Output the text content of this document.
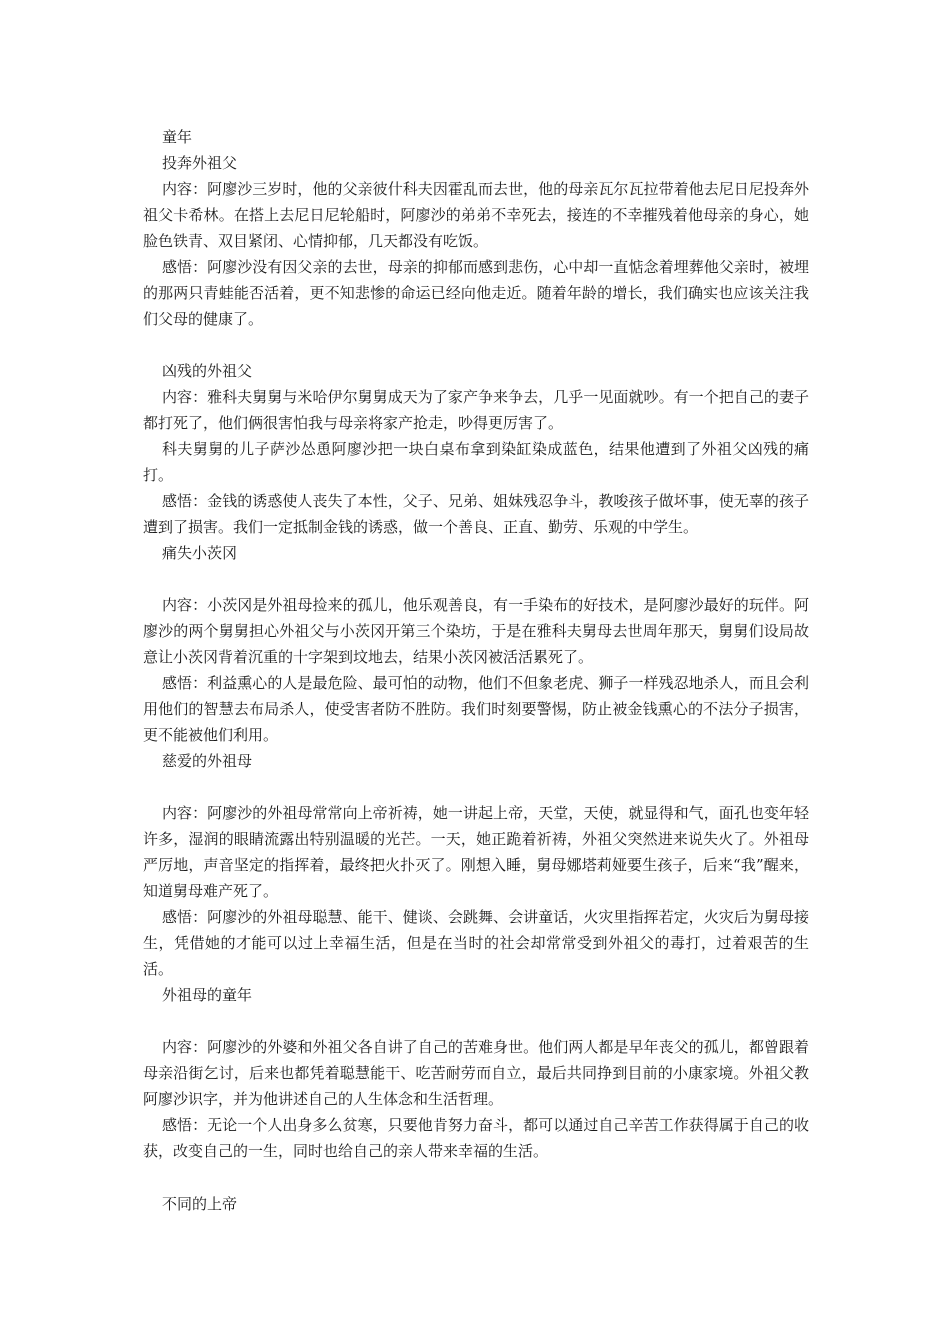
童年
投奔外祖父

内容：阿廖沙三岁时，他的父亲彼什科夫因霍乱而去世，他的母亲瓦尔瓦拉带着他去尼日尼投奔外祖父卡希林。在搭上去尼日尼轮船时，阿廖沙的弟弟不幸死去，接连的不幸摧残着他母亲的身心，她脸色铁青、双目紧闭、心情抑郁，几天都没有吃饭。

感悟：阿廖沙没有因父亲的去世，母亲的抑郁而感到悲伤，心中却一直惦念着埋葬他父亲时，被埋的那两只青蛙能否活着，更不知悲惨的命运已经向他走近。随着年龄的增长，我们确实也应该关注我们父母的健康了。

凶残的外祖父

内容：雅科夫舅舅与米哈伊尔舅舅成天为了家产争来争去，几乎一见面就吵。有一个把自己的妻子都打死了，他们俩很害怕我与母亲将家产抢走，吵得更厉害了。

科夫舅舅的儿子萨沙怂恿阿廖沙把一块白桌布拿到染缸染成蓝色，结果他遭到了外祖父凶残的痛打。

感悟：金钱的诱惑使人丧失了本性，父子、兄弟、姐妹残忍争斗，教唆孩子做坏事，使无辜的孩子遭到了损害。我们一定抵制金钱的诱惑，做一个善良、正直、勤劳、乐观的中学生。

痛失小茨冈

内容：小茨冈是外祖母捡来的孤儿，他乐观善良，有一手染布的好技术，是阿廖沙最好的玩伴。阿廖沙的两个舅舅担心外祖父与小茨冈开第三个染坊，于是在雅科夫舅母去世周年那天，舅舅们设局故意让小茨冈背着沉重的十字架到坟地去，结果小茨冈被活活累死了。

感悟：利益熏心的人是最危险、最可怕的动物，他们不但象老虎、狮子一样残忍地杀人，而且会利用他们的智慧去布局杀人，使受害者防不胜防。我们时刻要警惕，防止被金钱熏心的不法分子损害，更不能被他们利用。

慈爱的外祖母

内容：阿廖沙的外祖母常常向上帝祈祷，她一讲起上帝，天堂，天使，就显得和气，面孔也变年轻许多，湿润的眼睛流露出特别温暖的光芒。一天，她正跪着祈祷，外祖父突然进来说失火了。外祖母严厉地，声音坚定的指挥着，最终把火扑灭了。刚想入睡，舅母娜塔莉娅要生孩子，后来“我”醒来，知道舅母难产死了。

感悟：阿廖沙的外祖母聪慧、能干、健谈、会跳舞、会讲童话，火灾里指挥若定，火灾后为舅母接生，凭借她的才能可以过上幸福生活，但是在当时的社会却常常受到外祖父的毒打，过着艰苦的生活。

外祖母的童年

内容：阿廖沙的外婆和外祖父各自讲了自己的苦难身世。他们两人都是早年丧父的孤儿，都曾跟着母亲沿街乞讨，后来也都凭着聪慧能干、吃苦耐劳而自立，最后共同挣到目前的小康家境。外祖父教阿廖沙识字，并为他讲述自己的人生体念和生活哲理。

感悟：无论一个人出身多么贫寒，只要他肯努力奋斗，都可以通过自己辛苦工作获得属于自己的收获，改变自己的一生，同时也给自己的亲人带来幸福的生活。

不同的上帝
